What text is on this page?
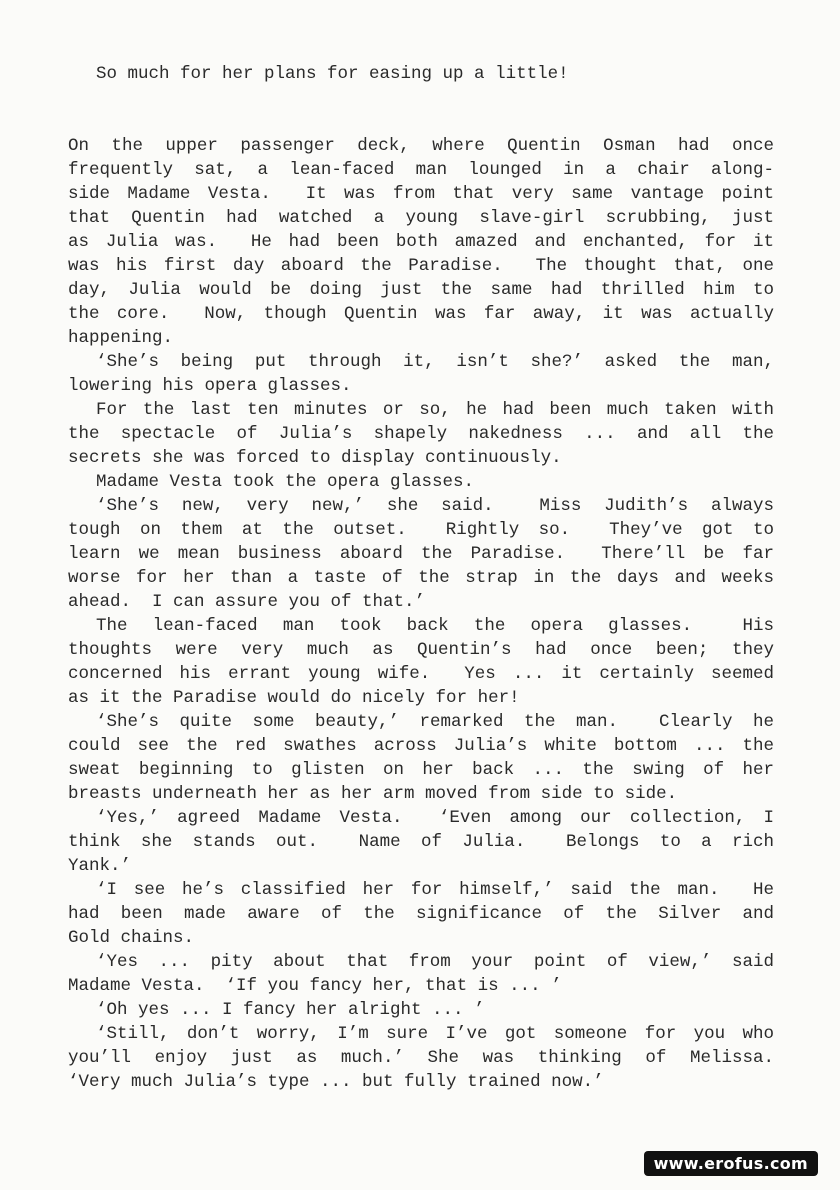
So much for her plans for easing up a little!
On the upper passenger deck, where Quentin Osman had once
frequently sat, a lean-faced man lounged in a chair along-
side Madame Vesta.  It was from that very same vantage point
that Quentin had watched a young slave-girl scrubbing, just
as Julia was.  He had been both amazed and enchanted, for it
was his first day aboard the Paradise.  The thought that, one
day, Julia would be doing just the same had thrilled him to
the core.  Now, though Quentin was far away, it was actually
happening.
‘She’s being put through it, isn’t she?’ asked the man,
lowering his opera glasses.
For the last ten minutes or so, he had been much taken with
the spectacle of Julia’s shapely nakedness ... and all the
secrets she was forced to display continuously.
Madame Vesta took the opera glasses.
‘She’s new, very new,’ she said.  Miss Judith’s always
tough on them at the outset.  Rightly so.  They’ve got to
learn we mean business aboard the Paradise.  There’ll be far
worse for her than a taste of the strap in the days and weeks
ahead.  I can assure you of that.’
The lean-faced man took back the opera glasses.  His
thoughts were very much as Quentin’s had once been; they
concerned his errant young wife.  Yes ... it certainly seemed
as it the Paradise would do nicely for her!
‘She’s quite some beauty,’ remarked the man.  Clearly he
could see the red swathes across Julia’s white bottom ... the
sweat beginning to glisten on her back ... the swing of her
breasts underneath her as her arm moved from side to side.
‘Yes,’ agreed Madame Vesta.  ‘Even among our collection, I
think she stands out.  Name of Julia.  Belongs to a rich
Yank.’
‘I see he’s classified her for himself,’ said the man.  He
had been made aware of the significance of the Silver and
Gold chains.
‘Yes ... pity about that from your point of view,’ said
Madame Vesta.  ‘If you fancy her, that is ... ’
‘Oh yes ... I fancy her alright ... ’
‘Still, don’t worry, I’m sure I’ve got someone for you who
you’ll enjoy just as much.’ She was thinking of Melissa.
‘Very much Julia’s type ... but fully trained now.’
www.erofus.com
